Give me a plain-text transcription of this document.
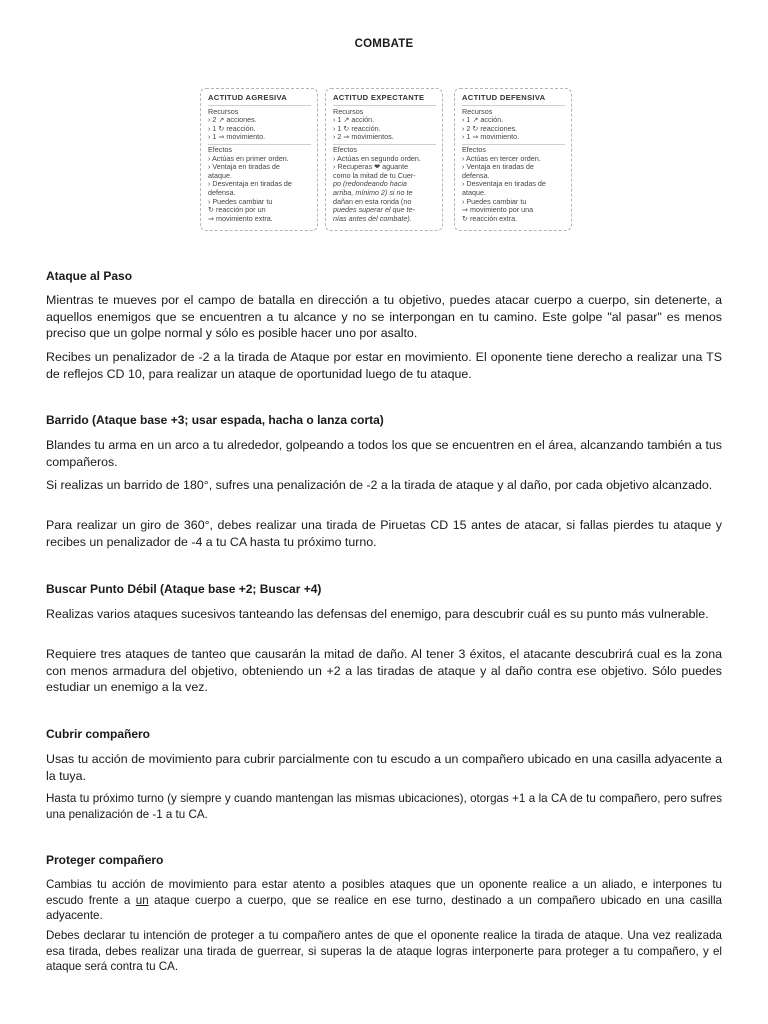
COMBATE
ACTITUD AGRESIVA
Recursos
› 2 ↗ acciones.
› 1 ↻ reacción.
› 1 ⇒ movimiento.
Efectos
› Actúas en primer orden.
› Ventaja en tiradas de
ataque.
› Desventaja en tiradas de
defensa.
› Puedes cambiar tu
↻ reacción por un
⇒ movimiento extra.
ACTITUD EXPECTANTE
Recursos
› 1 ↗ acción.
› 1 ↻ reacción.
› 2 ⇒ movimientos.
Efectos
› Actúas en segundo orden.
› Recuperas ❤ aguante
como la mitad de tu Cuer-
po (redondeando hacia
arriba, mínimo 2) si no te
dañan en esta ronda (no
puedes superar el que te-
nías antes del combate).
ACTITUD DEFENSIVA
Recursos
› 1 ↗ acción.
› 2 ↻ reacciones.
› 1 ⇒ movimiento.
Efectos
› Actúas en tercer orden.
› Ventaja en tiradas de
defensa.
› Desventaja en tiradas de
ataque.
› Puedes cambiar tu
⇒ movimiento por una
↻ reacción extra.
Ataque al Paso

Mientras te mueves por el campo de batalla en dirección a tu objetivo, puedes atacar cuerpo a cuerpo, sin detenerte, a aquellos enemigos que se encuentren a tu alcance y no se interpongan en tu camino. Este golpe "al pasar" es menos preciso que un golpe normal y sólo es posible hacer uno por asalto.

Recibes un penalizador de -2 a la tirada de Ataque por estar en movimiento. El oponente tiene derecho a realizar una TS de reflejos CD 10, para realizar un ataque de oportunidad luego de tu ataque.

Barrido (Ataque base +3; usar espada, hacha o lanza corta)

Blandes tu arma en un arco a tu alrededor, golpeando a todos los que se encuentren en el área, alcanzando también a tus compañeros.

Si realizas un barrido de 180°, sufres una penalización de -2 a la tirada de ataque y al daño, por cada objetivo alcanzado.

Para realizar un giro de 360°, debes realizar una tirada de Piruetas CD 15 antes de atacar, si fallas pierdes tu ataque y recibes un penalizador de -4 a tu CA hasta tu próximo turno.

Buscar Punto Débil (Ataque base +2; Buscar +4)

Realizas varios ataques sucesivos tanteando las defensas del enemigo, para descubrir cuál es su punto más vulnerable.

Requiere tres ataques de tanteo que causarán la mitad de daño. Al tener 3 éxitos, el atacante descubrirá cual es la zona con menos armadura del objetivo, obteniendo un +2 a las tiradas de ataque y al daño contra ese objetivo. Sólo puedes estudiar un enemigo a la vez.

Cubrir compañero

Usas tu acción de movimiento para cubrir parcialmente con tu escudo a un compañero ubicado en una casilla adyacente a la tuya.

Hasta tu próximo turno (y siempre y cuando mantengan las mismas ubicaciones), otorgas +1 a la CA de tu compañero, pero sufres una penalización de -1 a tu CA.

Proteger compañero

Cambias tu acción de movimiento para estar atento a posibles ataques que un oponente realice a un aliado, e interpones tu escudo frente a un ataque cuerpo a cuerpo, que se realice en ese turno, destinado a un compañero ubicado en una casilla adyacente.

Debes declarar tu intención de proteger a tu compañero antes de que el oponente realice la tirada de ataque. Una vez realizada esa tirada, debes realizar una tirada de guerrear, si superas la de ataque logras interponerte para proteger a tu compañero, y el ataque será contra tu CA.
